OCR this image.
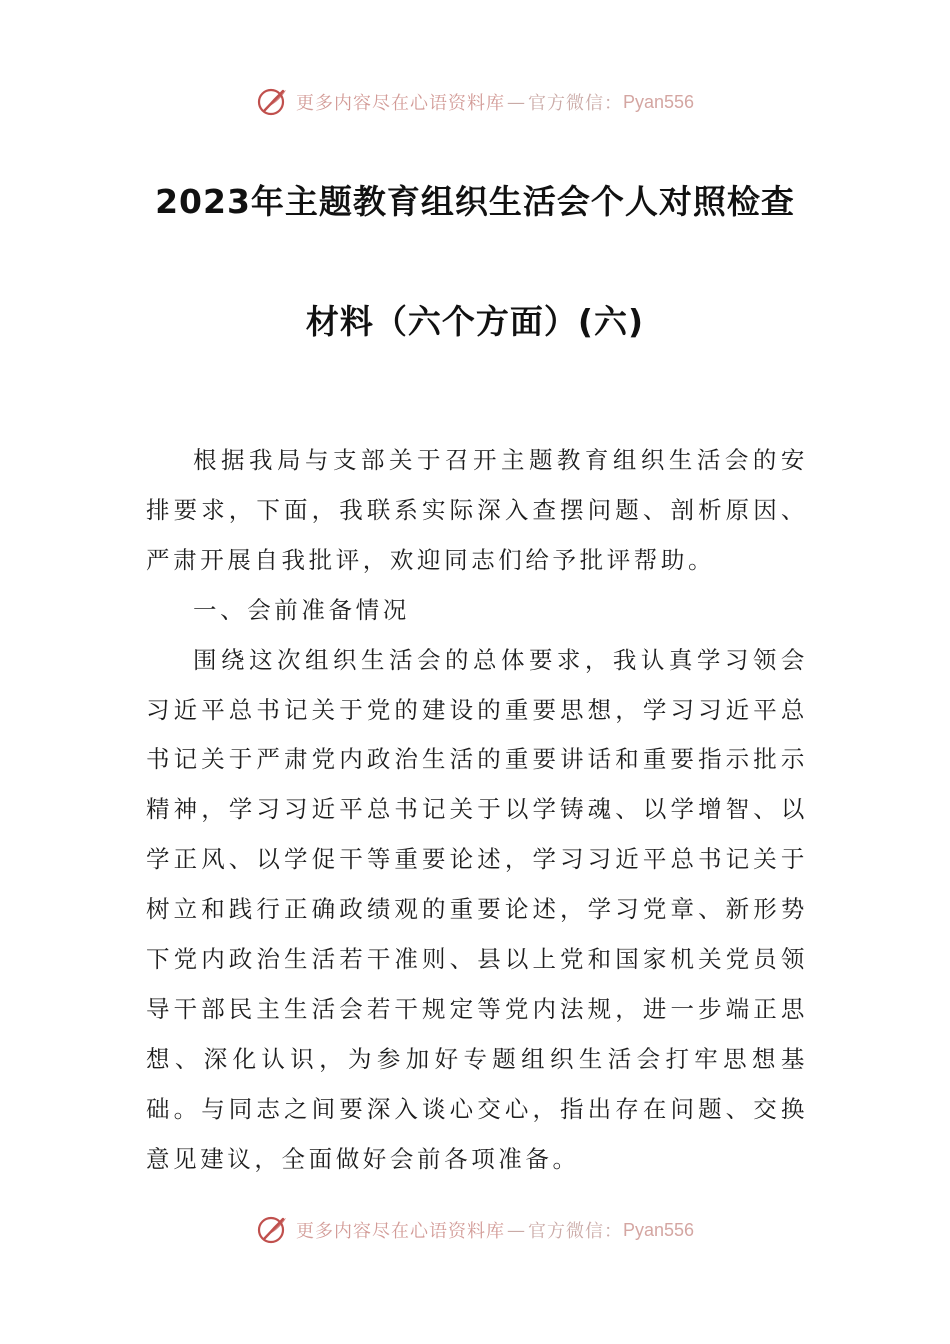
更多内容尽在心语资料库 — 官方微信： Pyan556
2023年主题教育组织生活会个人对照检查
材料（六个方面）(六)

根据我局与支部关于召开主题教育组织生活会的安排要求，下面，我联系实际深入查摆问题、剖析原因、严肃开展自我批评，欢迎同志们给予批评帮助。

一、会前准备情况

围绕这次组织生活会的总体要求，我认真学习领会习近平总书记关于党的建设的重要思想，学习习近平总书记关于严肃党内政治生活的重要讲话和重要指示批示精神，学习习近平总书记关于以学铸魂、以学增智、以学正风、以学促干等重要论述，学习习近平总书记关于树立和践行正确政绩观的重要论述，学习党章、新形势下党内政治生活若干准则、县以上党和国家机关党员领导干部民主生活会若干规定等党内法规，进一步端正思想、深化认识，为参加好专题组织生活会打牢思想基础。与同志之间要深入谈心交心，指出存在问题、交换意见建议，全面做好会前各项准备。

更多内容尽在心语资料库 — 官方微信： Pyan556
